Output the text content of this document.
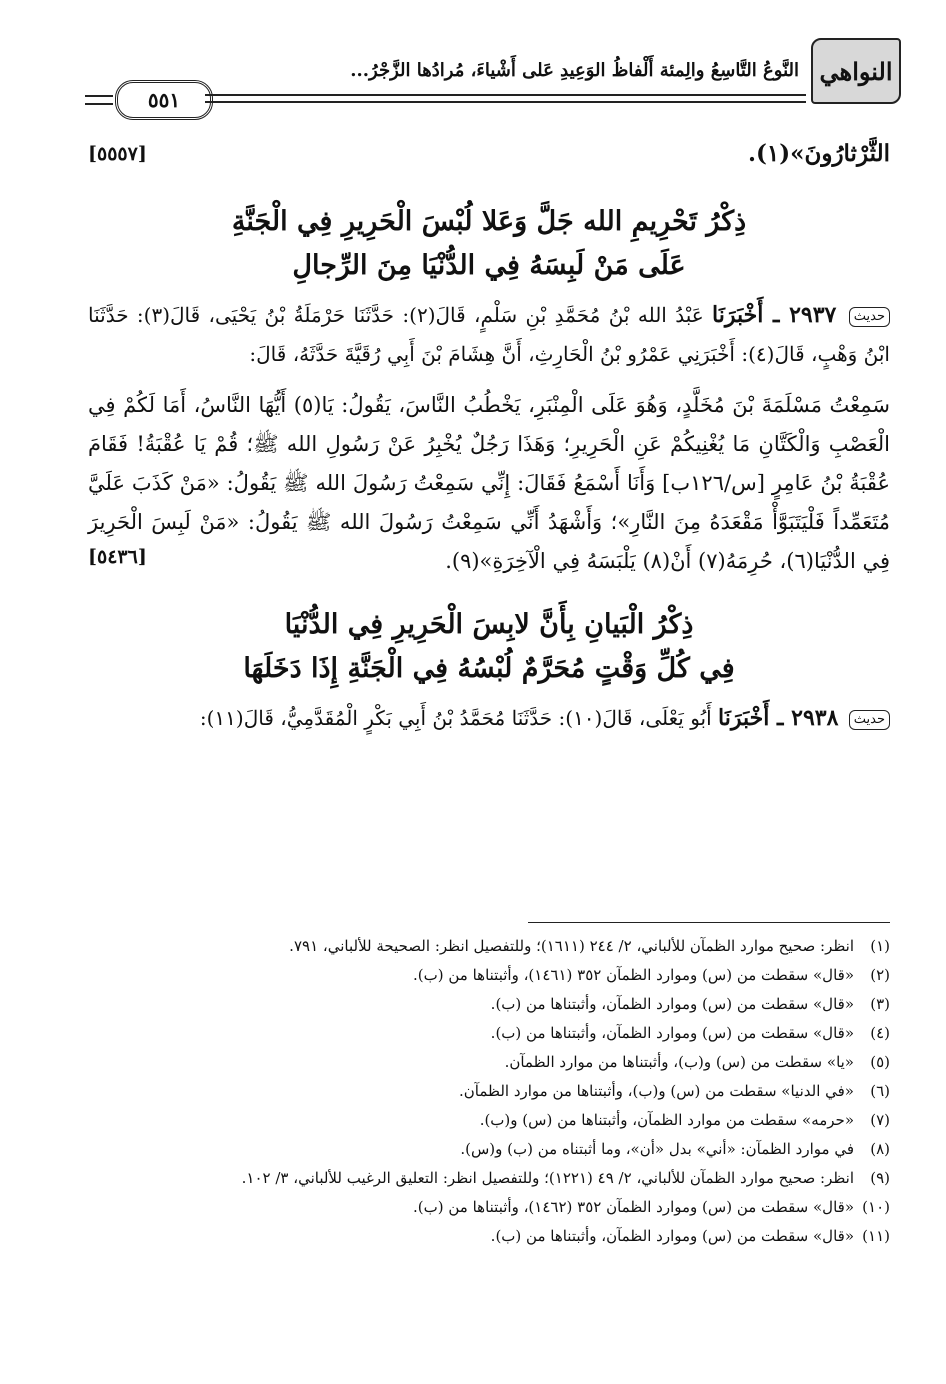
النواهي
النَّوعُ التَّاسِعُ والِمئة أَلْفاظُ الوَعِيدِ عَلى أَشْياءَ، مُرادُها الزَّجْرُ...
٥٥١

الثَّرْثارُونَ»(١).
[٥٥٥٧]

ذِكْرُ تَحْرِيمِ الله جَلَّ وَعَلا لُبْسَ الْحَرِيرِ فِي الْجَنَّةِ
عَلَى مَنْ لَبِسَهُ فِي الدُّنْيَا مِنَ الرِّجالِ

حديث ٢٩٣٧ ـ أَخْبَرَنَا عَبْدُ الله بْنُ مُحَمَّدِ بْنِ سَلْمٍ، قَالَ(٢): حَدَّثَنَا حَرْمَلَةُ بْنُ يَحْيَى، قَالَ(٣): حَدَّثَنَا ابْنُ وَهْبٍ، قَالَ(٤): أَخْبَرَنِي عَمْرُو بْنُ الْحَارِثِ، أَنَّ هِشَامَ بْنَ أَبِي رُقَيَّةَ حَدَّثَهُ، قَالَ:

سَمِعْتُ مَسْلَمَةَ بْنَ مُخَلَّدٍ، وَهُوَ عَلَى الْمِنْبَرِ، يَخْطُبُ النَّاسَ، يَقُولُ: يَا(٥) أَيُّهَا النَّاسُ، أَمَا لَكُمْ فِي الْعَصْبِ وَالْكَتَّانِ مَا يُغْنِيكُمْ عَنِ الْحَرِيرِ؛ وَهَذَا رَجُلٌ يُخْبِرُ عَنْ رَسُولِ الله ﷺ؛ قُمْ يَا عُقْبَةُ! فَقَامَ عُقْبَةُ بْنُ عَامِرٍ [س/١٢٦ب] وَأَنَا أَسْمَعُ فَقَالَ: إِنِّي سَمِعْتُ رَسُولَ الله ﷺ يَقُولُ: «مَنْ كَذَبَ عَلَيَّ مُتَعَمِّداً فَلْيَتَبَوَّأْ مَقْعَدَهُ مِنَ النَّارِ»؛ وَأَشْهَدُ أَنِّي سَمِعْتُ رَسُولَ الله ﷺ يَقُولُ: «مَنْ لَبِسَ الْحَرِيرَ فِي الدُّنْيَا(٦)، حُرِمَهُ(٧) أَنْ(٨) يَلْبَسَهُ فِي الْآخِرَةِ»(٩).
[٥٤٣٦]

ذِكْرُ الْبَيانِ بِأَنَّ لابِسَ الْحَرِيرِ فِي الدُّنْيَا
فِي كُلِّ وَقْتٍ مُحَرَّمٌ لُبْسُهُ فِي الْجَنَّةِ إِذَا دَخَلَهَا

حديث ٢٩٣٨ ـ أَخْبَرَنَا أَبُو يَعْلَى، قَالَ(١٠): حَدَّثَنَا مُحَمَّدُ بْنُ أَبِي بَكْرٍ الْمُقَدَّمِيُّ، قَالَ(١١):

(١)انظر: صحيح موارد الظمآن للألباني، ٢/ ٢٤٤ (١٦١١)؛ وللتفصيل انظر: الصحيحة للألباني، ٧٩١.
(٢)«قال» سقطت من (س) وموارد الظمآن ٣٥٢ (١٤٦١)، وأثبتناها من (ب).
(٣)«قال» سقطت من (س) وموارد الظمآن، وأثبتناها من (ب).
(٤)«قال» سقطت من (س) وموارد الظمآن، وأثبتناها من (ب).
(٥)«يا» سقطت من (س) و(ب)، وأثبتناها من موارد الظمآن.
(٦)«في الدنيا» سقطت من (س) و(ب)، وأثبتناها من موارد الظمآن.
(٧)«حرمه» سقطت من موارد الظمآن، وأثبتناها من (س) و(ب).
(٨)في موارد الظمآن: «أني» بدل «أن»، وما أثبتناه من (ب) و(س).
(٩)انظر: صحيح موارد الظمآن للألباني، ٢/ ٤٩ (١٢٢١)؛ وللتفصيل انظر: التعليق الرغيب للألباني، ٣/ ١٠٢.
(١٠)«قال» سقطت من (س) وموارد الظمآن ٣٥٢ (١٤٦٢)، وأثبتناها من (ب).
(١١)«قال» سقطت من (س) وموارد الظمآن، وأثبتناها من (ب).
